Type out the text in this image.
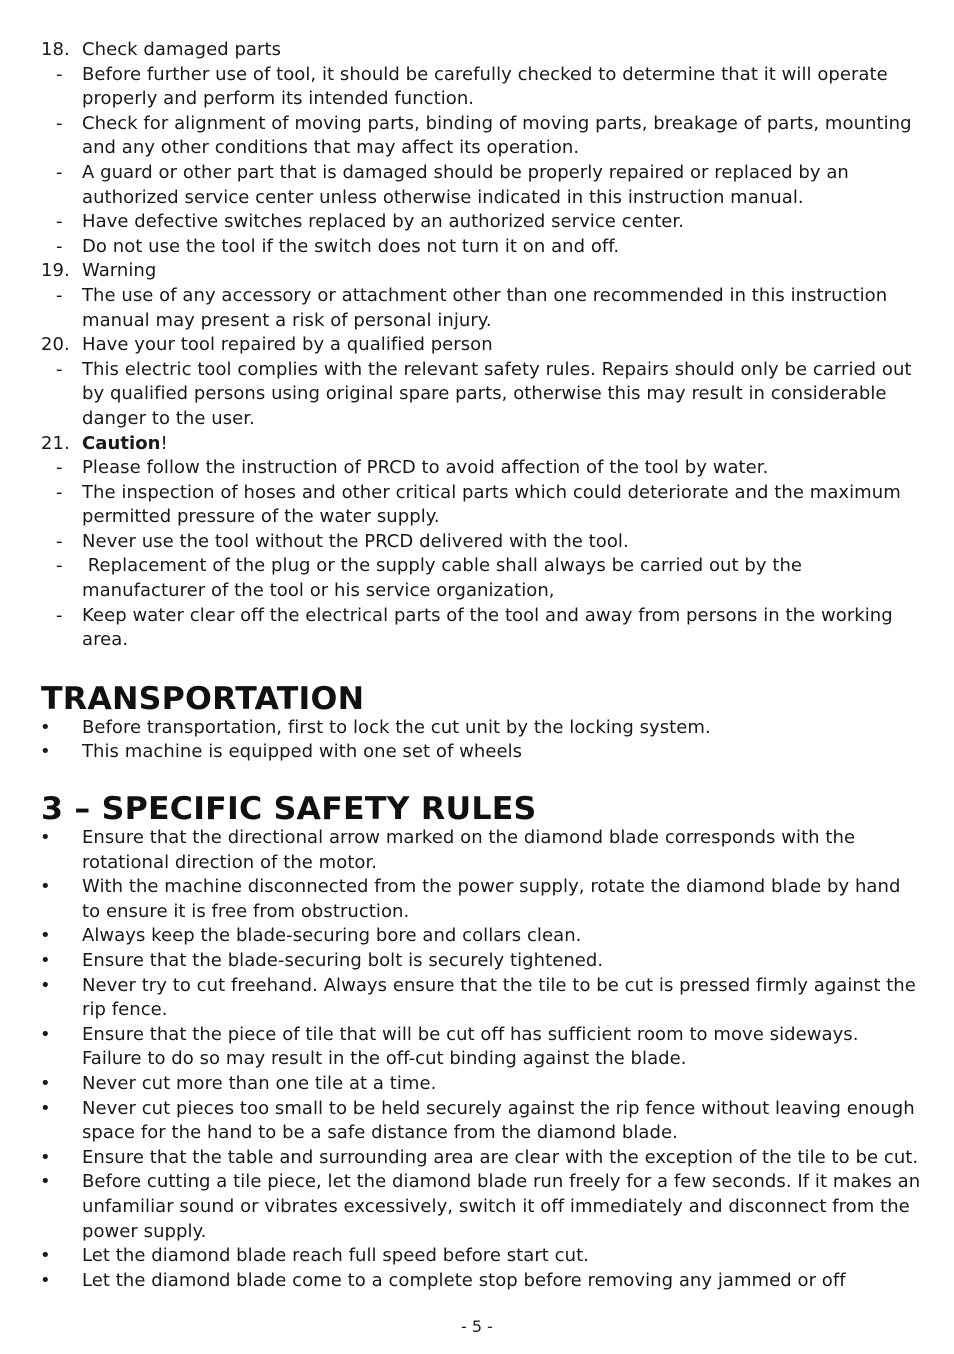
18. Check damaged parts
-	Before further use of tool, it should be carefully checked to determine that it will operate properly and perform its intended function.
-	Check for alignment of moving parts, binding of moving parts, breakage of parts, mounting and any other conditions that may affect its operation.
-	A guard or other part that is damaged should be properly repaired or replaced by an authorized service center unless otherwise indicated in this instruction manual.
-	Have defective switches replaced by an authorized service center.
-	Do not use the tool if the switch does not turn it on and off.
19. Warning
-	The use of any accessory or attachment other than one recommended in this instruction manual may present a risk of personal injury.
20. Have your tool repaired by a qualified person
-	This electric tool complies with the relevant safety rules. Repairs should only be carried out by qualified persons using original spare parts, otherwise this may result in considerable danger to the user.
21. Caution!
-	Please follow the instruction of PRCD to avoid affection of the tool by water.
-	The inspection of hoses and other critical parts which could deteriorate and the maximum permitted pressure of the water supply.
-	Never use the tool without the PRCD delivered with the tool.
-	Replacement of the plug or the supply cable shall always be carried out by the manufacturer of the tool or his service organization,
-	Keep water clear off the electrical parts of the tool and away from persons in the working area.
TRANSPORTATION
•	Before transportation, first to lock the cut unit by the locking system.
•	This machine is equipped with one set of wheels
3 – SPECIFIC SAFETY RULES
•	Ensure that the directional arrow marked on the diamond blade corresponds with the rotational direction of the motor.
•	With the machine disconnected from the power supply, rotate the diamond blade by hand to ensure it is free from obstruction.
•	Always keep the blade-securing bore and collars clean.
•	Ensure that the blade-securing bolt is securely tightened.
•	Never try to cut freehand. Always ensure that the tile to be cut is pressed firmly against the rip fence.
•	Ensure that the piece of tile that will be cut off has sufficient room to move sideways. Failure to do so may result in the off-cut binding against the blade.
•	Never cut more than one tile at a time.
•	Never cut pieces too small to be held securely against the rip fence without leaving enough space for the hand to be a safe distance from the diamond blade.
•	Ensure that the table and surrounding area are clear with the exception of the tile to be cut.
•	Before cutting a tile piece, let the diamond blade run freely for a few seconds. If it makes an unfamiliar sound or vibrates excessively, switch it off immediately and disconnect from the power supply.
•	Let the diamond blade reach full speed before start cut.
•	Let the diamond blade come to a complete stop before removing any jammed or off
- 5 -
